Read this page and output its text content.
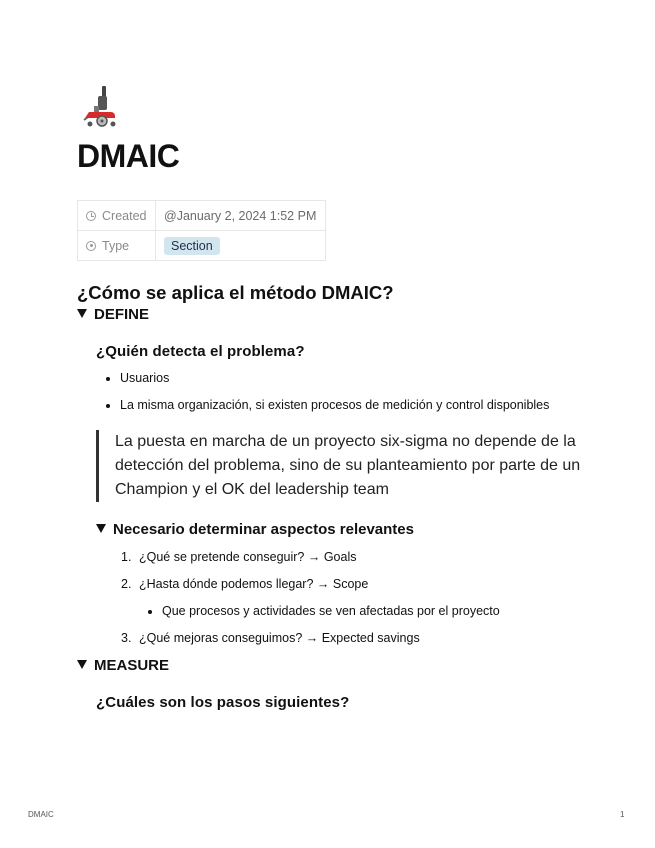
DMAIC
Created	@January 2, 2024 1:52 PM
Type	Section
¿Cómo se aplica el método DMAIC?
DEFINE
¿Quién detecta el problema?
Usuarios
La misma organización, si existen procesos de medición y control disponibles
La puesta en marcha de un proyecto six-sigma no depende de la detección del problema, sino de su planteamiento por parte de un Champion y el OK del leadership team
Necesario determinar aspectos relevantes
1. ¿Qué se pretende conseguir? → Goals
2. ¿Hasta dónde podemos llegar? → Scope
Que procesos y actividades se ven afectadas por el proyecto
3. ¿Qué mejoras conseguimos? → Expected savings
MEASURE
¿Cuáles son los pasos siguientes?
DMAIC	1
